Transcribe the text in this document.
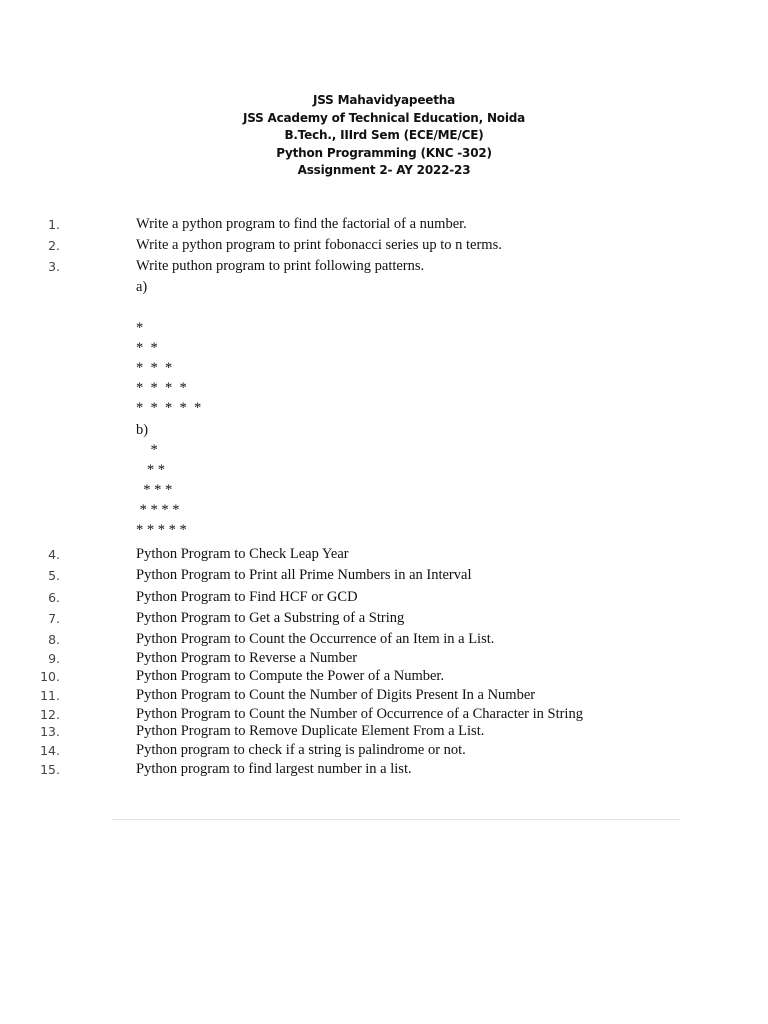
JSS Mahavidyapeetha
JSS Academy of Technical Education, Noida
B.Tech., IIIrd Sem (ECE/ME/CE)
Python Programming (KNC -302)
Assignment 2- AY 2022-23
1.	Write a python program to find the factorial of a number.
2.	Write a python program to print fobonacci series up to n terms.
3.	Write puthon program to print following patterns.
a)
*
*  *
*  *  *
*  *  *  *
*  *  *  *  *
b)
*
* *
* * *
* * * *
* * * * *
4.	Python Program to Check Leap Year
5.	Python Program to Print all Prime Numbers in an Interval
6.	Python Program to Find HCF or GCD
7.	Python Program to Get a Substring of a String
8.	Python Program to Count the Occurrence of an Item in a List.
9.	Python Program to Reverse a Number
10.	Python Program to Compute the Power of a Number.
11.	Python Program to Count the Number of Digits Present In a Number
12.	Python Program to Count the Number of Occurrence of a Character in String
13.	Python Program to Remove Duplicate Element From a List.
14.	Python program to check if a string is palindrome or not.
15.	Python program to find largest number in a list.
